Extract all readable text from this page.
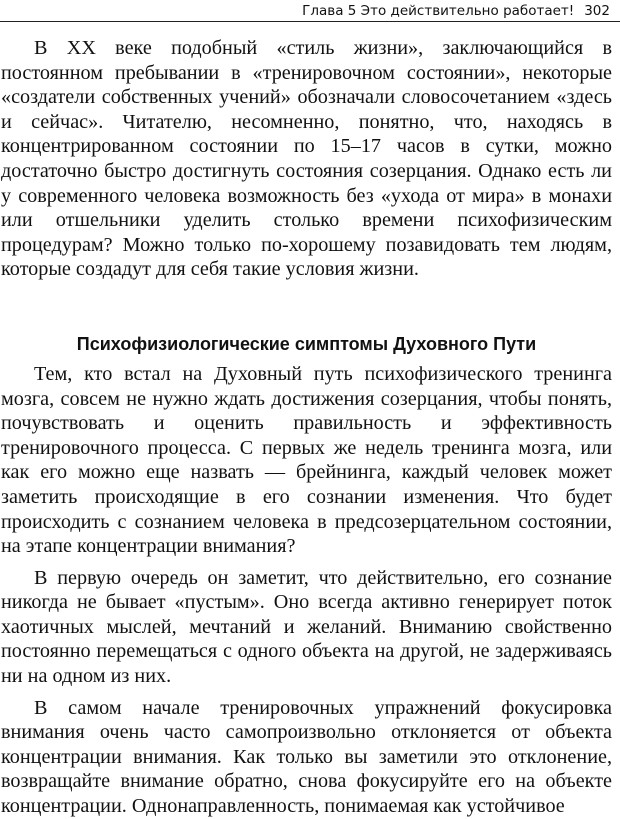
Глава 5 Это действительно работает! 302

В XX веке подобный «стиль жизни», заключающийся в постоянном пребывании в «тренировочном состоянии», некоторые «создатели собственных учений» обозначали словосочетанием «здесь и сейчас». Читателю, несомненно, понятно, что, находясь в концентрированном состоянии по 15–17 часов в сутки, можно достаточно быстро достигнуть состояния созерцания. Однако есть ли у современного человека возможность без «ухода от мира» в монахи или отшельники уделить столько времени психофизическим процедурам? Можно только по-хорошему позавидовать тем людям, которые создадут для себя такие условия жизни.

Психофизиологические симптомы Духовного Пути

Тем, кто встал на Духовный путь психофизического тренинга мозга, совсем не нужно ждать достижения созерцания, чтобы понять, почувствовать и оценить правильность и эффективность тренировочного процесса. С первых же недель тренинга мозга, или как его можно еще назвать — брейнинга, каждый человек может заметить происходящие в его сознании изменения. Что будет происходить с сознанием человека в предсозерцательном состоянии, на этапе концентрации внимания?

В первую очередь он заметит, что действительно, его сознание никогда не бывает «пустым». Оно всегда активно генерирует поток хаотичных мыслей, мечтаний и желаний. Вниманию свойственно постоянно перемещаться с одного объекта на другой, не задерживаясь ни на одном из них.

В самом начале тренировочных упражнений фокусировка внимания очень часто самопроизвольно отклоняется от объекта концентрации внимания. Как только вы заметили это отклонение, возвращайте внимание обратно, снова фокусируйте его на объекте концентрации. Однонаправленность, понимаемая как устойчивое
